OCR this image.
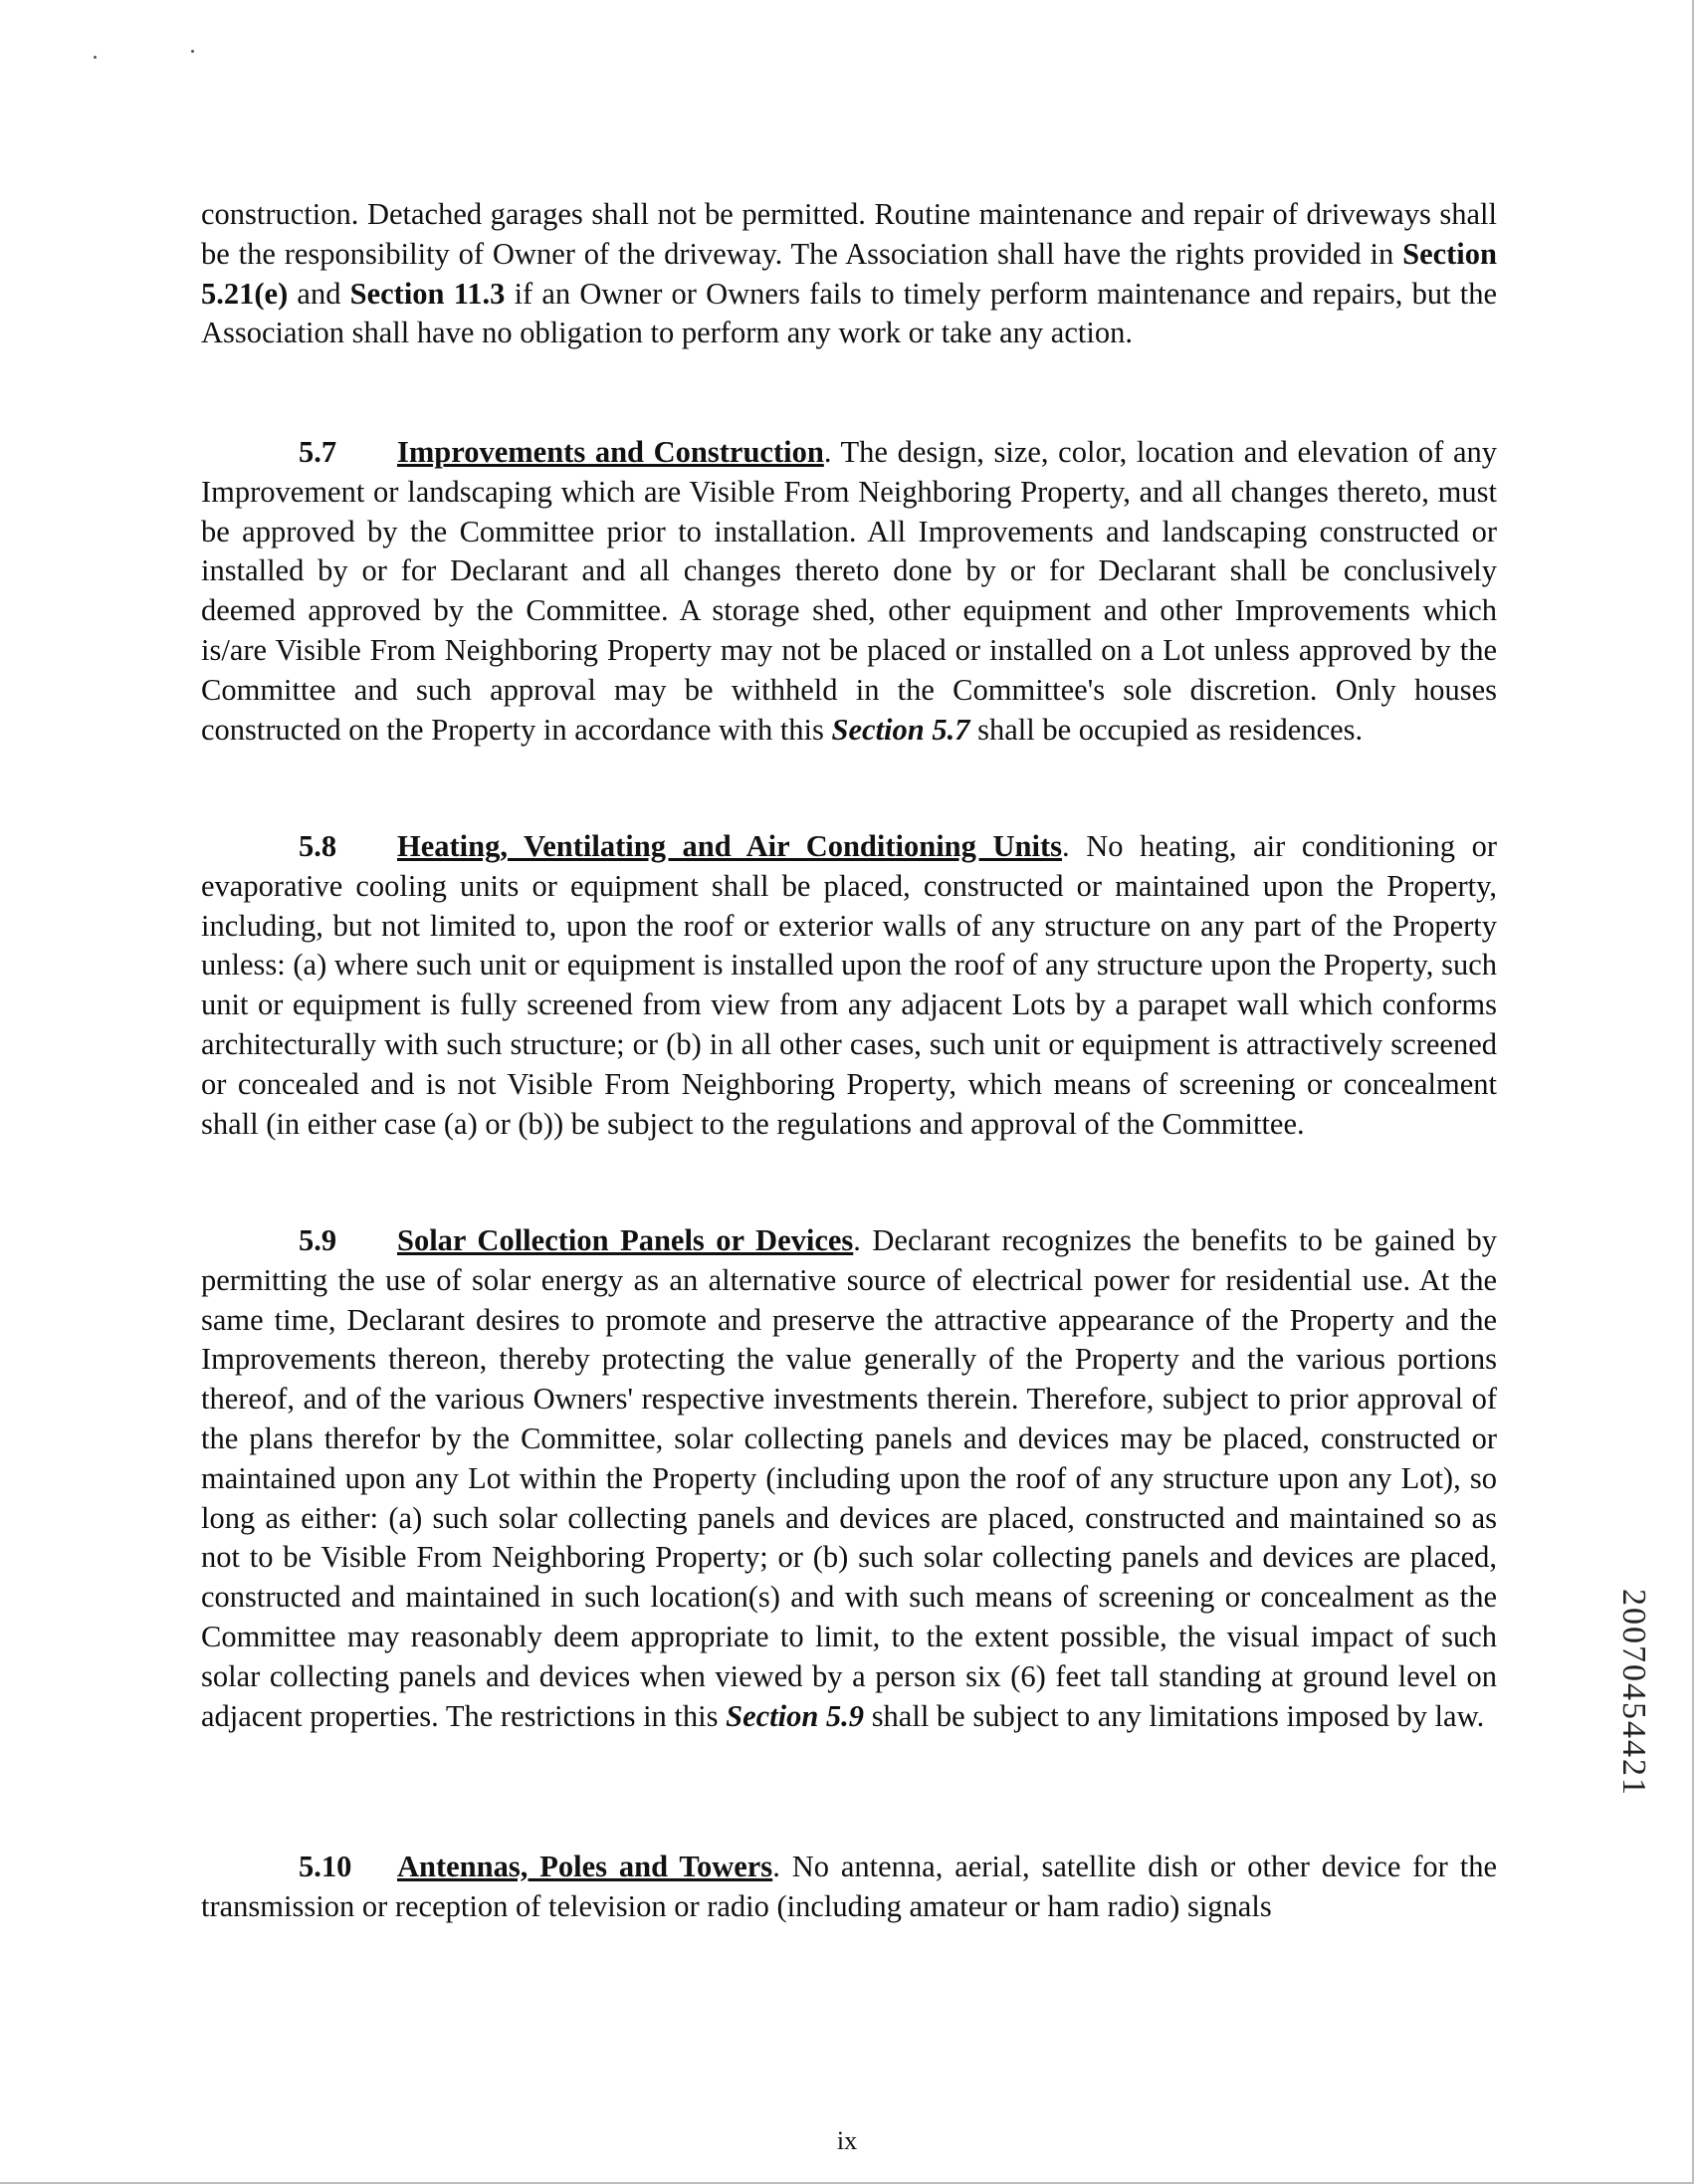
construction. Detached garages shall not be permitted. Routine maintenance and repair of driveways shall be the responsibility of Owner of the driveway. The Association shall have the rights provided in Section 5.21(e) and Section 11.3 if an Owner or Owners fails to timely perform maintenance and repairs, but the Association shall have no obligation to perform any work or take any action.

5.7 Improvements and Construction. The design, size, color, location and elevation of any Improvement or landscaping which are Visible From Neighboring Property, and all changes thereto, must be approved by the Committee prior to installation. All Improvements and landscaping constructed or installed by or for Declarant and all changes thereto done by or for Declarant shall be conclusively deemed approved by the Committee. A storage shed, other equipment and other Improvements which is/are Visible From Neighboring Property may not be placed or installed on a Lot unless approved by the Committee and such approval may be withheld in the Committee's sole discretion. Only houses constructed on the Property in accordance with this Section 5.7 shall be occupied as residences.

5.8 Heating, Ventilating and Air Conditioning Units. No heating, air conditioning or evaporative cooling units or equipment shall be placed, constructed or maintained upon the Property, including, but not limited to, upon the roof or exterior walls of any structure on any part of the Property unless: (a) where such unit or equipment is installed upon the roof of any structure upon the Property, such unit or equipment is fully screened from view from any adjacent Lots by a parapet wall which conforms architecturally with such structure; or (b) in all other cases, such unit or equipment is attractively screened or concealed and is not Visible From Neighboring Property, which means of screening or concealment shall (in either case (a) or (b)) be subject to the regulations and approval of the Committee.

5.9 Solar Collection Panels or Devices. Declarant recognizes the benefits to be gained by permitting the use of solar energy as an alternative source of electrical power for residential use. At the same time, Declarant desires to promote and preserve the attractive appearance of the Property and the Improvements thereon, thereby protecting the value generally of the Property and the various portions thereof, and of the various Owners' respective investments therein. Therefore, subject to prior approval of the plans therefor by the Committee, solar collecting panels and devices may be placed, constructed or maintained upon any Lot within the Property (including upon the roof of any structure upon any Lot), so long as either: (a) such solar collecting panels and devices are placed, constructed and maintained so as not to be Visible From Neighboring Property; or (b) such solar collecting panels and devices are placed, constructed and maintained in such location(s) and with such means of screening or concealment as the Committee may reasonably deem appropriate to limit, to the extent possible, the visual impact of such solar collecting panels and devices when viewed by a person six (6) feet tall standing at ground level on adjacent properties. The restrictions in this Section 5.9 shall be subject to any limitations imposed by law.

5.10 Antennas, Poles and Towers. No antenna, aerial, satellite dish or other device for the transmission or reception of television or radio (including amateur or ham radio) signals

20070454421
ix
